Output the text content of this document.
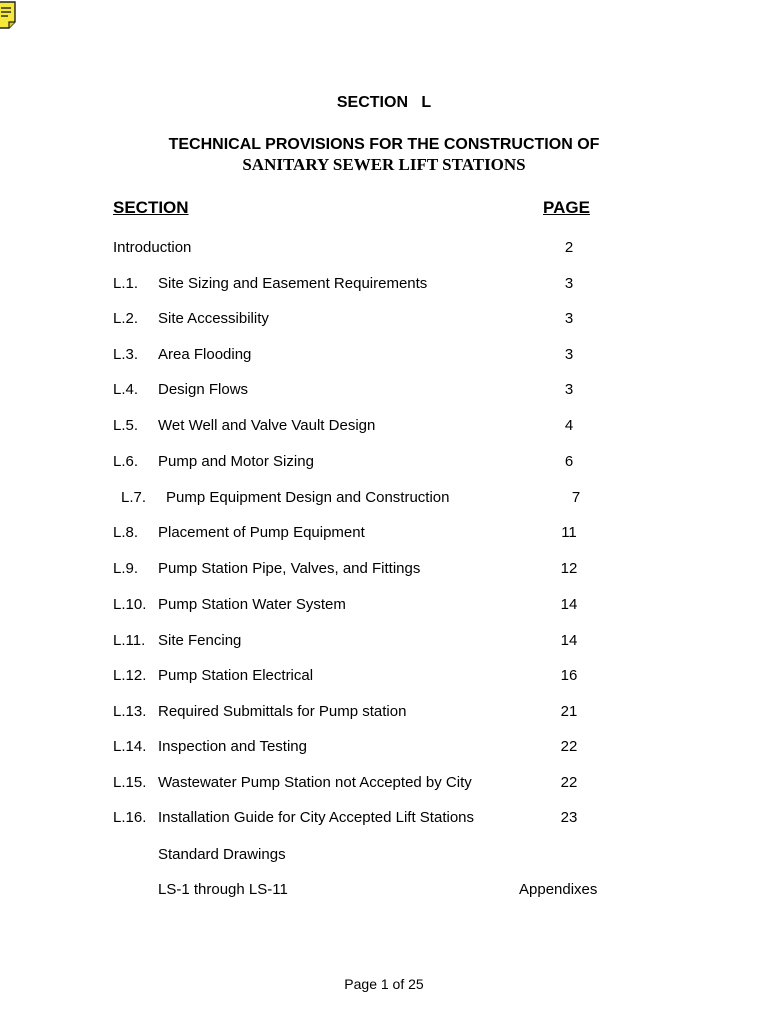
SECTION   L
TECHNICAL PROVISIONS FOR THE CONSTRUCTION OF
SANITARY SEWER LIFT STATIONS
SECTION	PAGE
Introduction	2
L.1. Site Sizing and Easement Requirements	3
L.2. Site Accessibility	3
L.3. Area Flooding	3
L.4. Design Flows	3
L.5. Wet Well and Valve Vault Design	4
L.6. Pump and Motor Sizing	6
L.7. Pump Equipment Design and Construction	7
L.8. Placement of Pump Equipment	11
L.9. Pump Station Pipe, Valves, and Fittings	12
L.10. Pump Station Water System	14
L.11. Site Fencing	14
L.12. Pump Station Electrical	16
L.13. Required Submittals for Pump station	21
L.14. Inspection and Testing	22
L.15. Wastewater Pump Station not Accepted by City	22
L.16. Installation Guide for City Accepted Lift Stations	23
Standard Drawings
LS-1 through LS-11	Appendixes
Page 1 of 25
